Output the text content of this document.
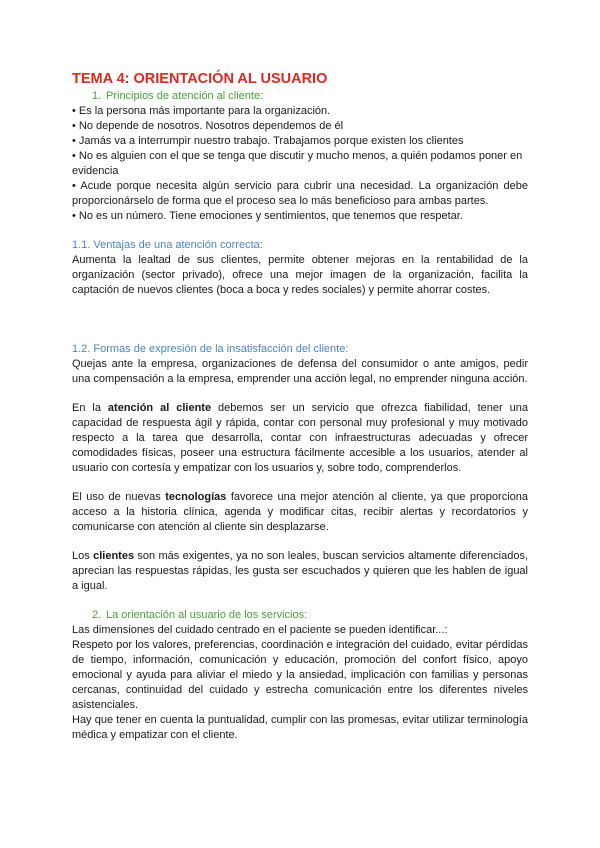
TEMA 4: ORIENTACIÓN AL USUARIO

1. Principios de atención al cliente:

• Es la persona más importante para la organización.

• No depende de nosotros. Nosotros dependemos de él

• Jamás va a interrumpir nuestro trabajo. Trabajamos porque existen los clientes

• No es alguien con el que se tenga que discutir y mucho menos, a quién podamos poner en evidencia

• Acude porque necesita algún servicio para cubrir una necesidad. La organización debe proporcionárselo de forma que el proceso sea lo más beneficioso para ambas partes.

• No es un número. Tiene emociones y sentimientos, que tenemos que respetar.

1.1. Ventajas de una atención correcta:

Aumenta la lealtad de sus clientes, permite obtener mejoras en la rentabilidad de la organización (sector privado), ofrece una mejor imagen de la organización, facilita la captación de nuevos clientes (boca a boca y redes sociales) y permite ahorrar costes.

1.2. Formas de expresión de la insatisfacción del cliente:

Quejas ante la empresa, organizaciones de defensa del consumidor o ante amigos, pedir una compensación a la empresa, emprender una acción legal, no emprender ninguna acción.

En la atención al cliente debemos ser un servicio que ofrezca fiabilidad, tener una capacidad de respuesta ágil y rápida, contar con personal muy profesional y muy motivado respecto a la tarea que desarrolla, contar con infraestructuras adecuadas y ofrecer comodidades físicas, poseer una estructura fácilmente accesible a los usuarios, atender al usuario con cortesía y empatizar con los usuarios y, sobre todo, comprenderlos.

El uso de nuevas tecnologías favorece una mejor atención al cliente, ya que proporciona acceso a la historia clínica, agenda y modificar citas, recibir alertas y recordatorios y comunicarse con atención al cliente sin desplazarse.

Los clientes son más exigentes, ya no son leales, buscan servicios altamente diferenciados, aprecian las respuestas rápidas, les gusta ser escuchados y quieren que les hablen de igual a igual.

2. La orientación al usuario de los servicios:

Las dimensiones del cuidado centrado en el paciente se pueden identificar...:

Respeto por los valores, preferencias, coordinación e integración del cuidado, evitar pérdidas de tiempo, información, comunicación y educación, promoción del confort físico, apoyo emocional y ayuda para aliviar el miedo y la ansiedad, implicación con familias y personas cercanas, continuidad del cuidado y estrecha comunicación entre los diferentes niveles asistenciales.

Hay que tener en cuenta la puntualidad, cumplir con las promesas, evitar utilizar terminología médica y empatizar con el cliente.
